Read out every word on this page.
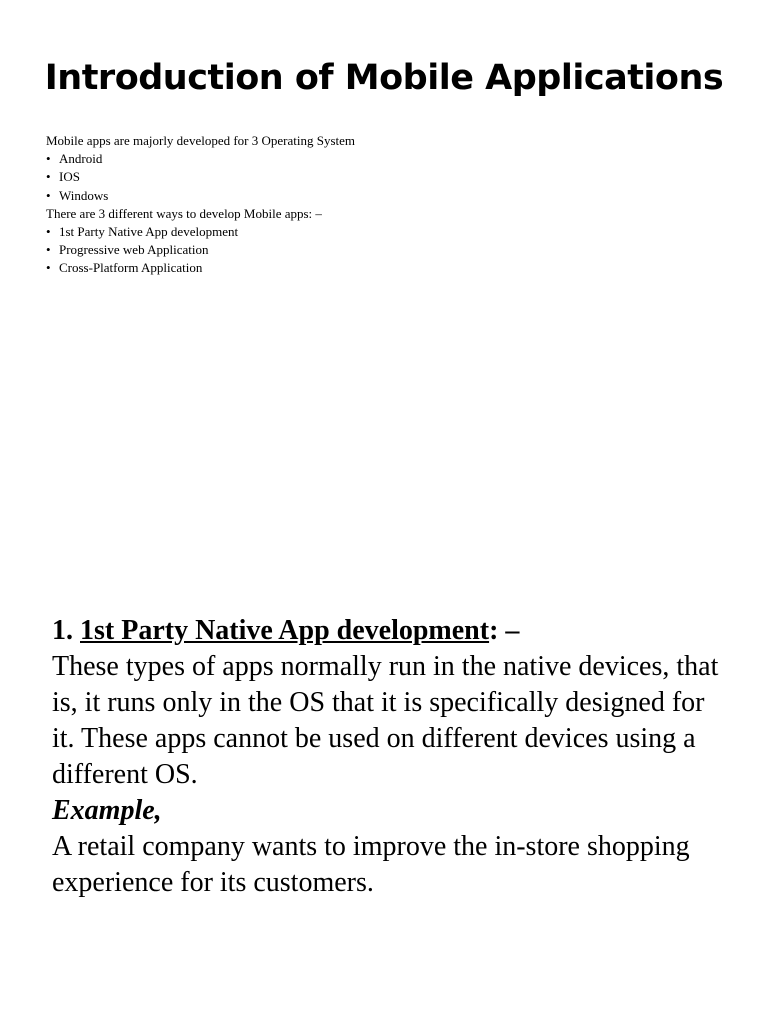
Introduction of Mobile Applications

Mobile apps are majorly developed for 3 Operating System

• Android
• IOS
• Windows

There are 3 different ways to develop Mobile apps: –

• 1st Party Native App development
• Progressive web Application
• Cross-Platform Application

1. 1st Party Native App development: –

These types of apps normally run in the native devices, that is, it runs only in the OS that it is specifically designed for it. These apps cannot be used on different devices using a different OS.

Example,

A retail company wants to improve the in-store shopping experience for its customers.
